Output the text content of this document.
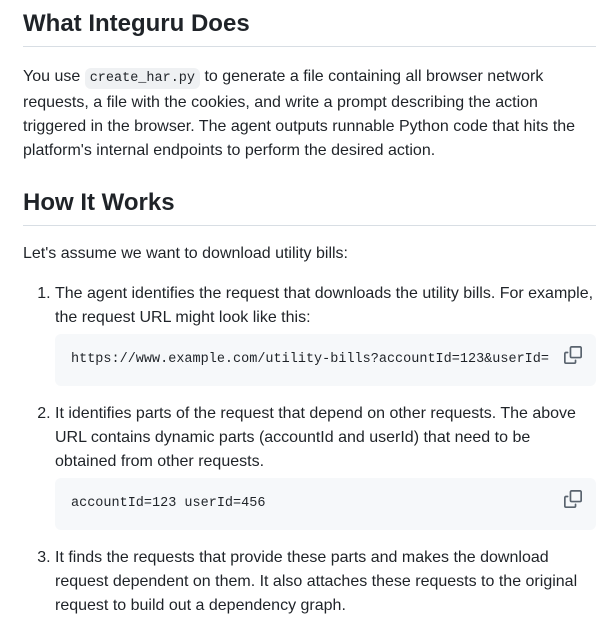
What Integuru Does

You use create_har.py to generate a file containing all browser network requests, a file with the cookies, and write a prompt describing the action triggered in the browser. The agent outputs runnable Python code that hits the platform's internal endpoints to perform the desired action.

How It Works

Let's assume we want to download utility bills:

1. The agent identifies the request that downloads the utility bills. For example, the request URL might look like this:
https://www.example.com/utility-bills?accountId=123&userId=
2. It identifies parts of the request that depend on other requests. The above URL contains dynamic parts (accountId and userId) that need to be obtained from other requests.
accountId=123 userId=456
3. It finds the requests that provide these parts and makes the download request dependent on them. It also attaches these requests to the original request to build out a dependency graph.
